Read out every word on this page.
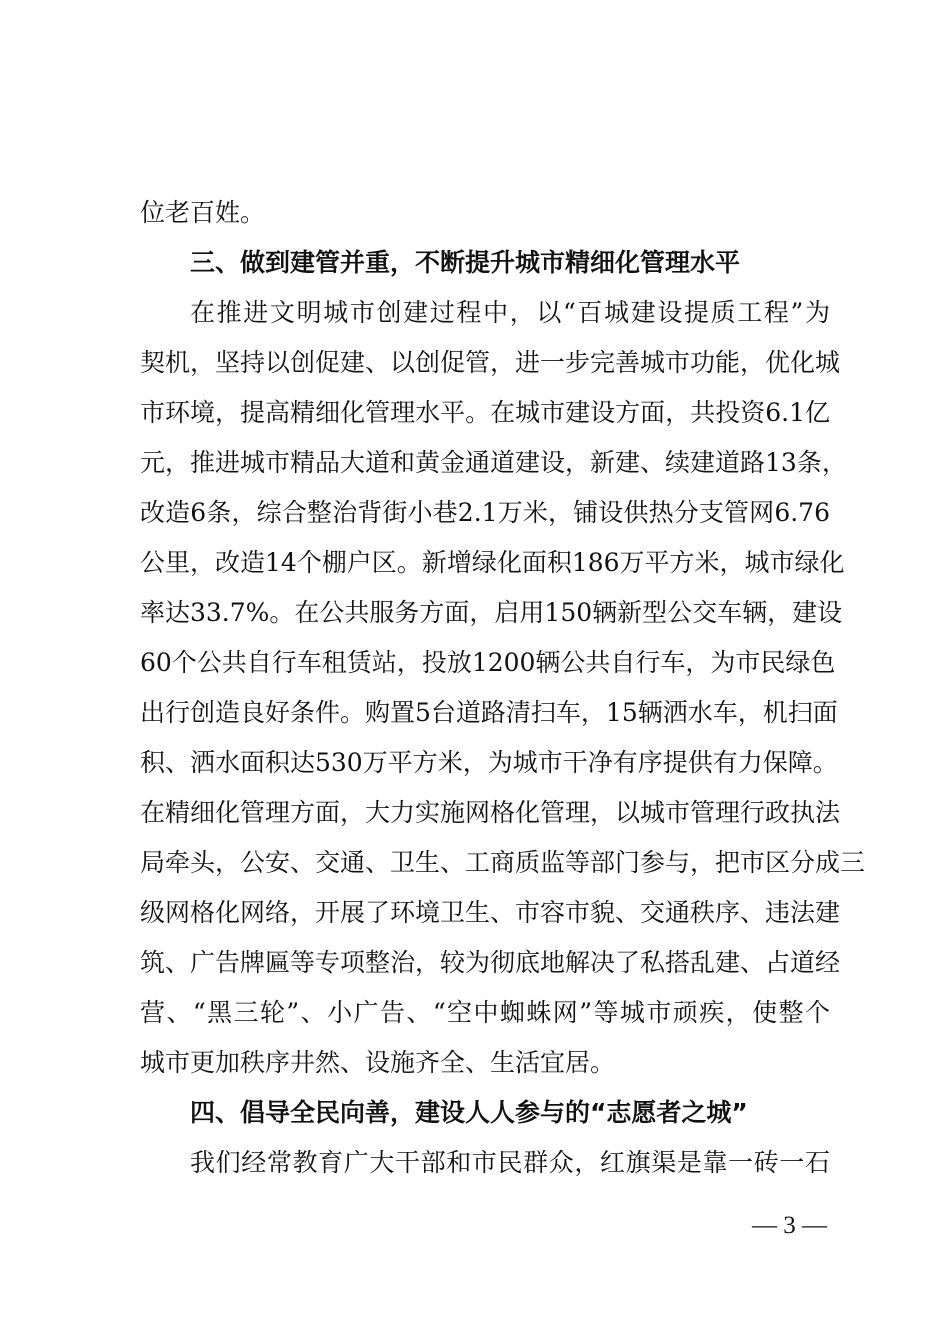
位老百姓。
三、做到建管并重，不断提升城市精细化管理水平
在推进文明城市创建过程中，以“百城建设提质工程”为
契机，坚持以创促建、以创促管，进一步完善城市功能，优化城
市环境，提高精细化管理水平。在城市建设方面，共投资6.1亿
元，推进城市精品大道和黄金通道建设，新建、续建道路13条，
改造6条，综合整治背街小巷2.1万米，铺设供热分支管网6.76
公里，改造14个棚户区。新增绿化面积186万平方米，城市绿化
率达33.7%。在公共服务方面，启用150辆新型公交车辆，建设
60个公共自行车租赁站，投放1200辆公共自行车，为市民绿色
出行创造良好条件。购置5台道路清扫车，15辆洒水车，机扫面
积、洒水面积达530万平方米，为城市干净有序提供有力保障。
在精细化管理方面，大力实施网格化管理，以城市管理行政执法
局牵头，公安、交通、卫生、工商质监等部门参与，把市区分成三
级网格化网络，开展了环境卫生、市容市貌、交通秩序、违法建
筑、广告牌匾等专项整治，较为彻底地解决了私搭乱建、占道经
营、“黑三轮”、小广告、“空中蜘蛛网”等城市顽疾，使整个
城市更加秩序井然、设施齐全、生活宜居。
四、倡导全民向善，建设人人参与的“志愿者之城”
我们经常教育广大干部和市民群众，红旗渠是靠一砖一石
— 3 —
